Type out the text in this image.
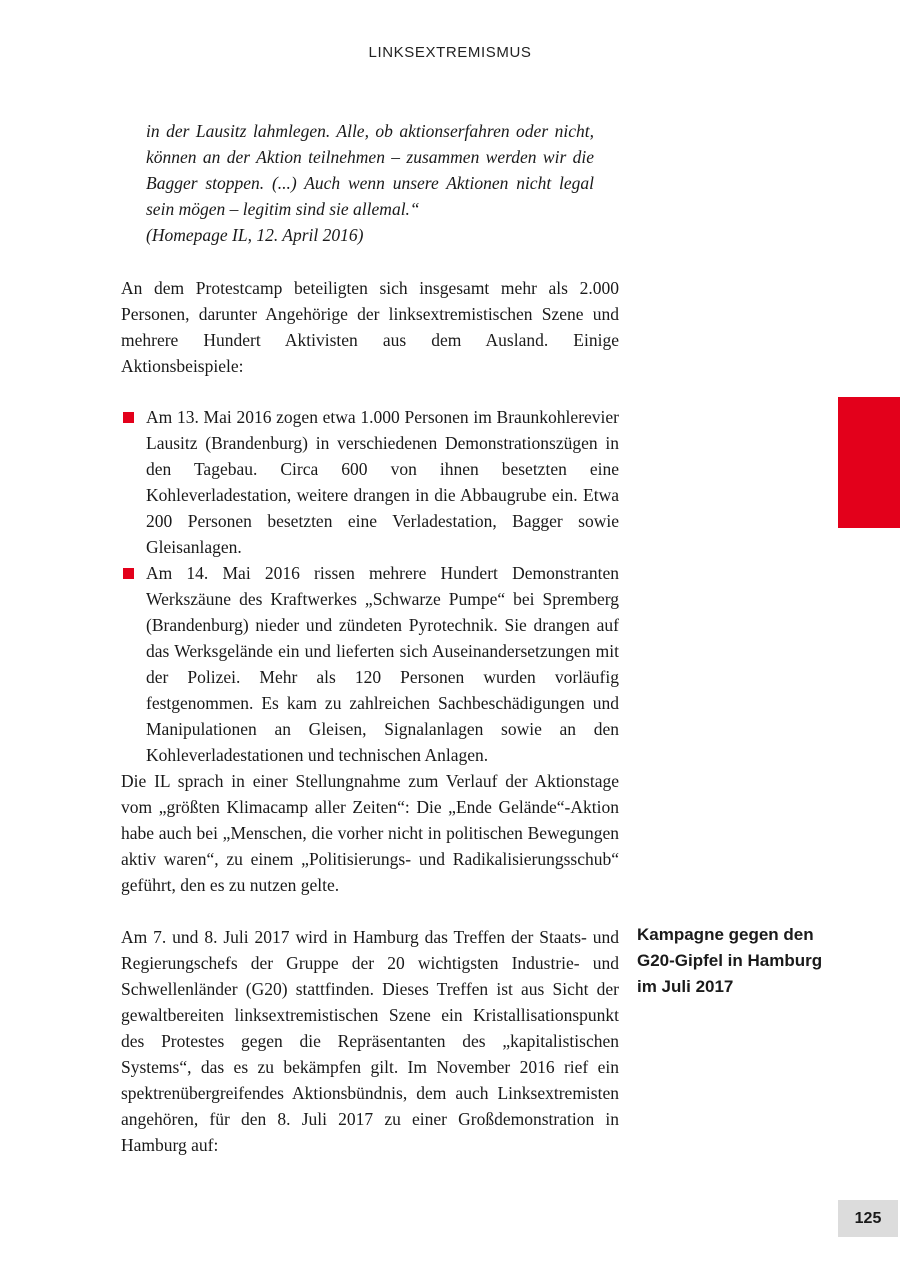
LINKSEXTREMISMUS

in der Lausitz lahmlegen. Alle, ob aktionserfahren oder nicht, können an der Aktion teilnehmen – zusammen werden wir die Bagger stoppen. (...) Auch wenn unsere Aktionen nicht legal sein mögen – legitim sind sie allemal.“

(Homepage IL, 12. April 2016)

An dem Protestcamp beteiligten sich insgesamt mehr als 2.000 Personen, darunter Angehörige der linksextremistischen Szene und mehrere Hundert Aktivisten aus dem Ausland. Einige Aktionsbeispiele:

Am 13. Mai 2016 zogen etwa 1.000 Personen im Braunkohlerevier Lausitz (Brandenburg) in verschiedenen Demonstrationszügen in den Tagebau. Circa 600 von ihnen besetzten eine Kohleverladestation, weitere drangen in die Abbaugrube ein. Etwa 200 Personen besetzten eine Verladestation, Bagger sowie Gleisanlagen.
Am 14. Mai 2016 rissen mehrere Hundert Demonstranten Werkszäune des Kraftwerkes „Schwarze Pumpe“ bei Spremberg (Brandenburg) nieder und zündeten Pyrotechnik. Sie drangen auf das Werksgelände ein und lieferten sich Auseinandersetzungen mit der Polizei. Mehr als 120 Personen wurden vorläufig festgenommen. Es kam zu zahlreichen Sachbeschädigungen und Manipulationen an Gleisen, Signalanlagen sowie an den Kohleverladestationen und technischen Anlagen.

Die IL sprach in einer Stellungnahme zum Verlauf der Aktionstage vom „größten Klimacamp aller Zeiten“: Die „Ende Gelände“-Aktion habe auch bei „Menschen, die vorher nicht in politischen Bewegungen aktiv waren“, zu einem „Politisierungs- und Radikalisierungsschub“ geführt, den es zu nutzen gelte.

Am 7. und 8. Juli 2017 wird in Hamburg das Treffen der Staats- und Regierungschefs der Gruppe der 20 wichtigsten Industrie- und Schwellenländer (G20) stattfinden. Dieses Treffen ist aus Sicht der gewaltbereiten linksextremistischen Szene ein Kristallisationspunkt des Protestes gegen die Repräsentanten des „kapitalistischen Systems“, das es zu bekämpfen gilt. Im November 2016 rief ein spektrenübergreifendes Aktionsbündnis, dem auch Linksextremisten angehören, für den 8. Juli 2017 zu einer Großdemonstration in Hamburg auf:

Kampagne gegen den G20-Gipfel in Hamburg im Juli 2017
125
